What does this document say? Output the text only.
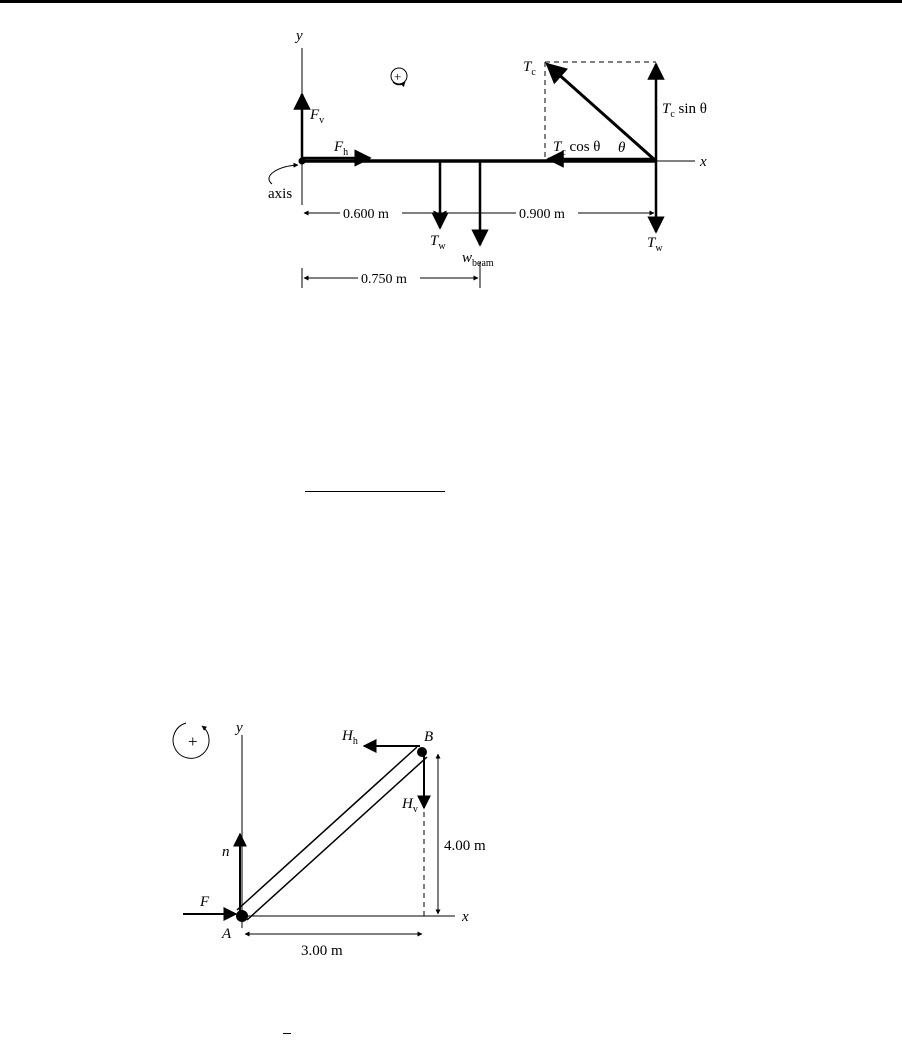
y
x
+
$F_v$
$F_h$
axis
$T_c$
$T_c$ sin θ
$T_c$ cos θ θ
$T_w$
$T_w$
$w_{beam}$
0.600 m	0.900 m
0.750 m
+
y
x
A
B
$H_h$
$H_v$
4.00 m
n
F
3.00 m
